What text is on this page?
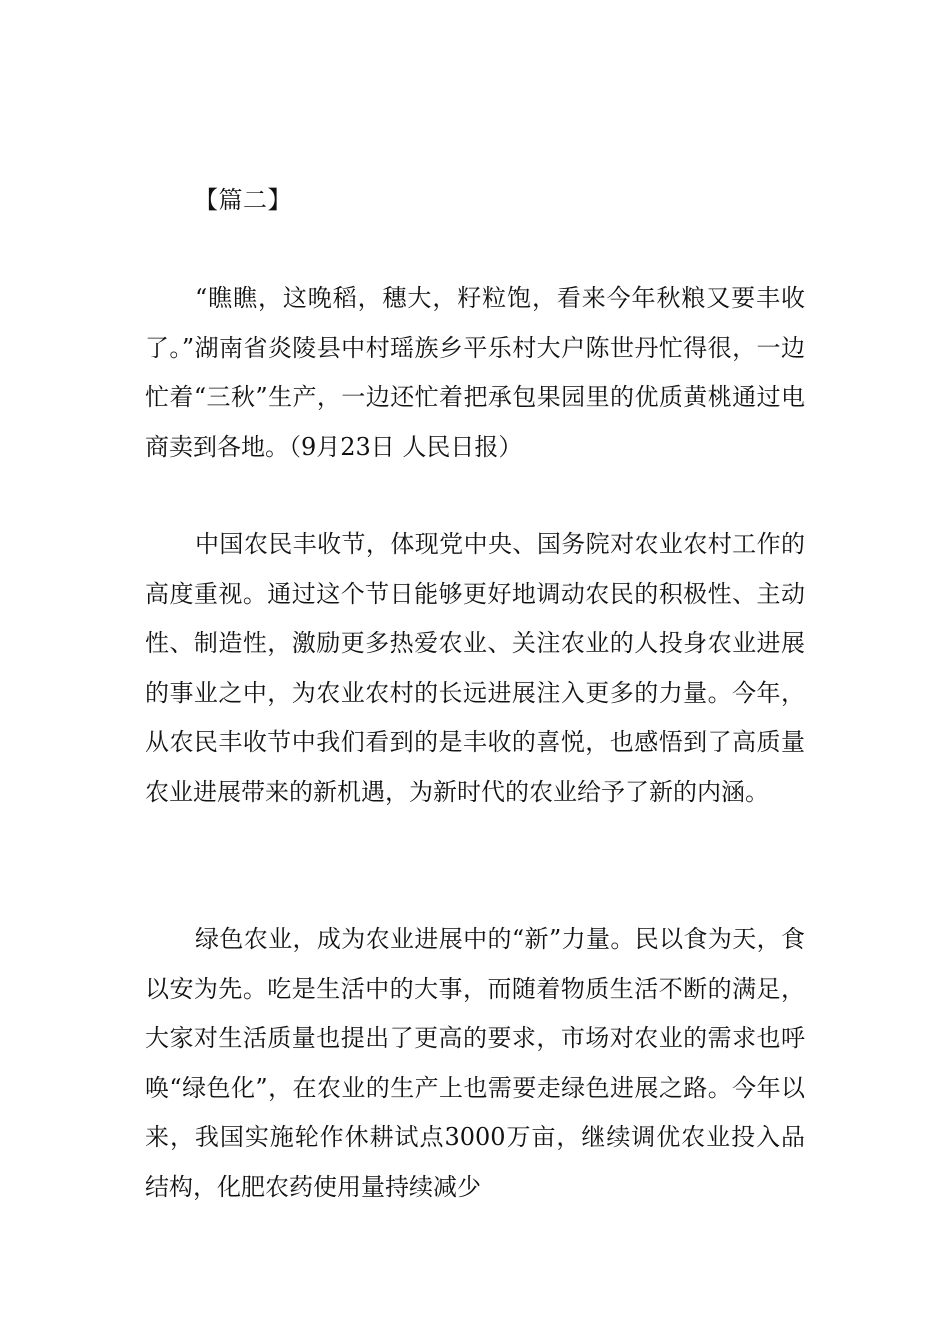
【篇二】

“瞧瞧，这晚稻，穗大，籽粒饱，看来今年秋粮又要丰收了。”湖南省炎陵县中村瑶族乡平乐村大户陈世丹忙得很，一边忙着“三秋”生产，一边还忙着把承包果园里的优质黄桃通过电商卖到各地。（9月23日 人民日报）

中国农民丰收节，体现党中央、国务院对农业农村工作的高度重视。通过这个节日能够更好地调动农民的积极性、主动性、制造性，激励更多热爱农业、关注农业的人投身农业进展的事业之中，为农业农村的长远进展注入更多的力量。今年，从农民丰收节中我们看到的是丰收的喜悦，也感悟到了高质量农业进展带来的新机遇，为新时代的农业给予了新的内涵。

绿色农业，成为农业进展中的“新”力量。民以食为天，食以安为先。吃是生活中的大事，而随着物质生活不断的满足，大家对生活质量也提出了更高的要求，市场对农业的需求也呼唤“绿色化”，在农业的生产上也需要走绿色进展之路。今年以来，我国实施轮作休耕试点3000万亩，继续调优农业投入品结构，化肥农药使用量持续减少
